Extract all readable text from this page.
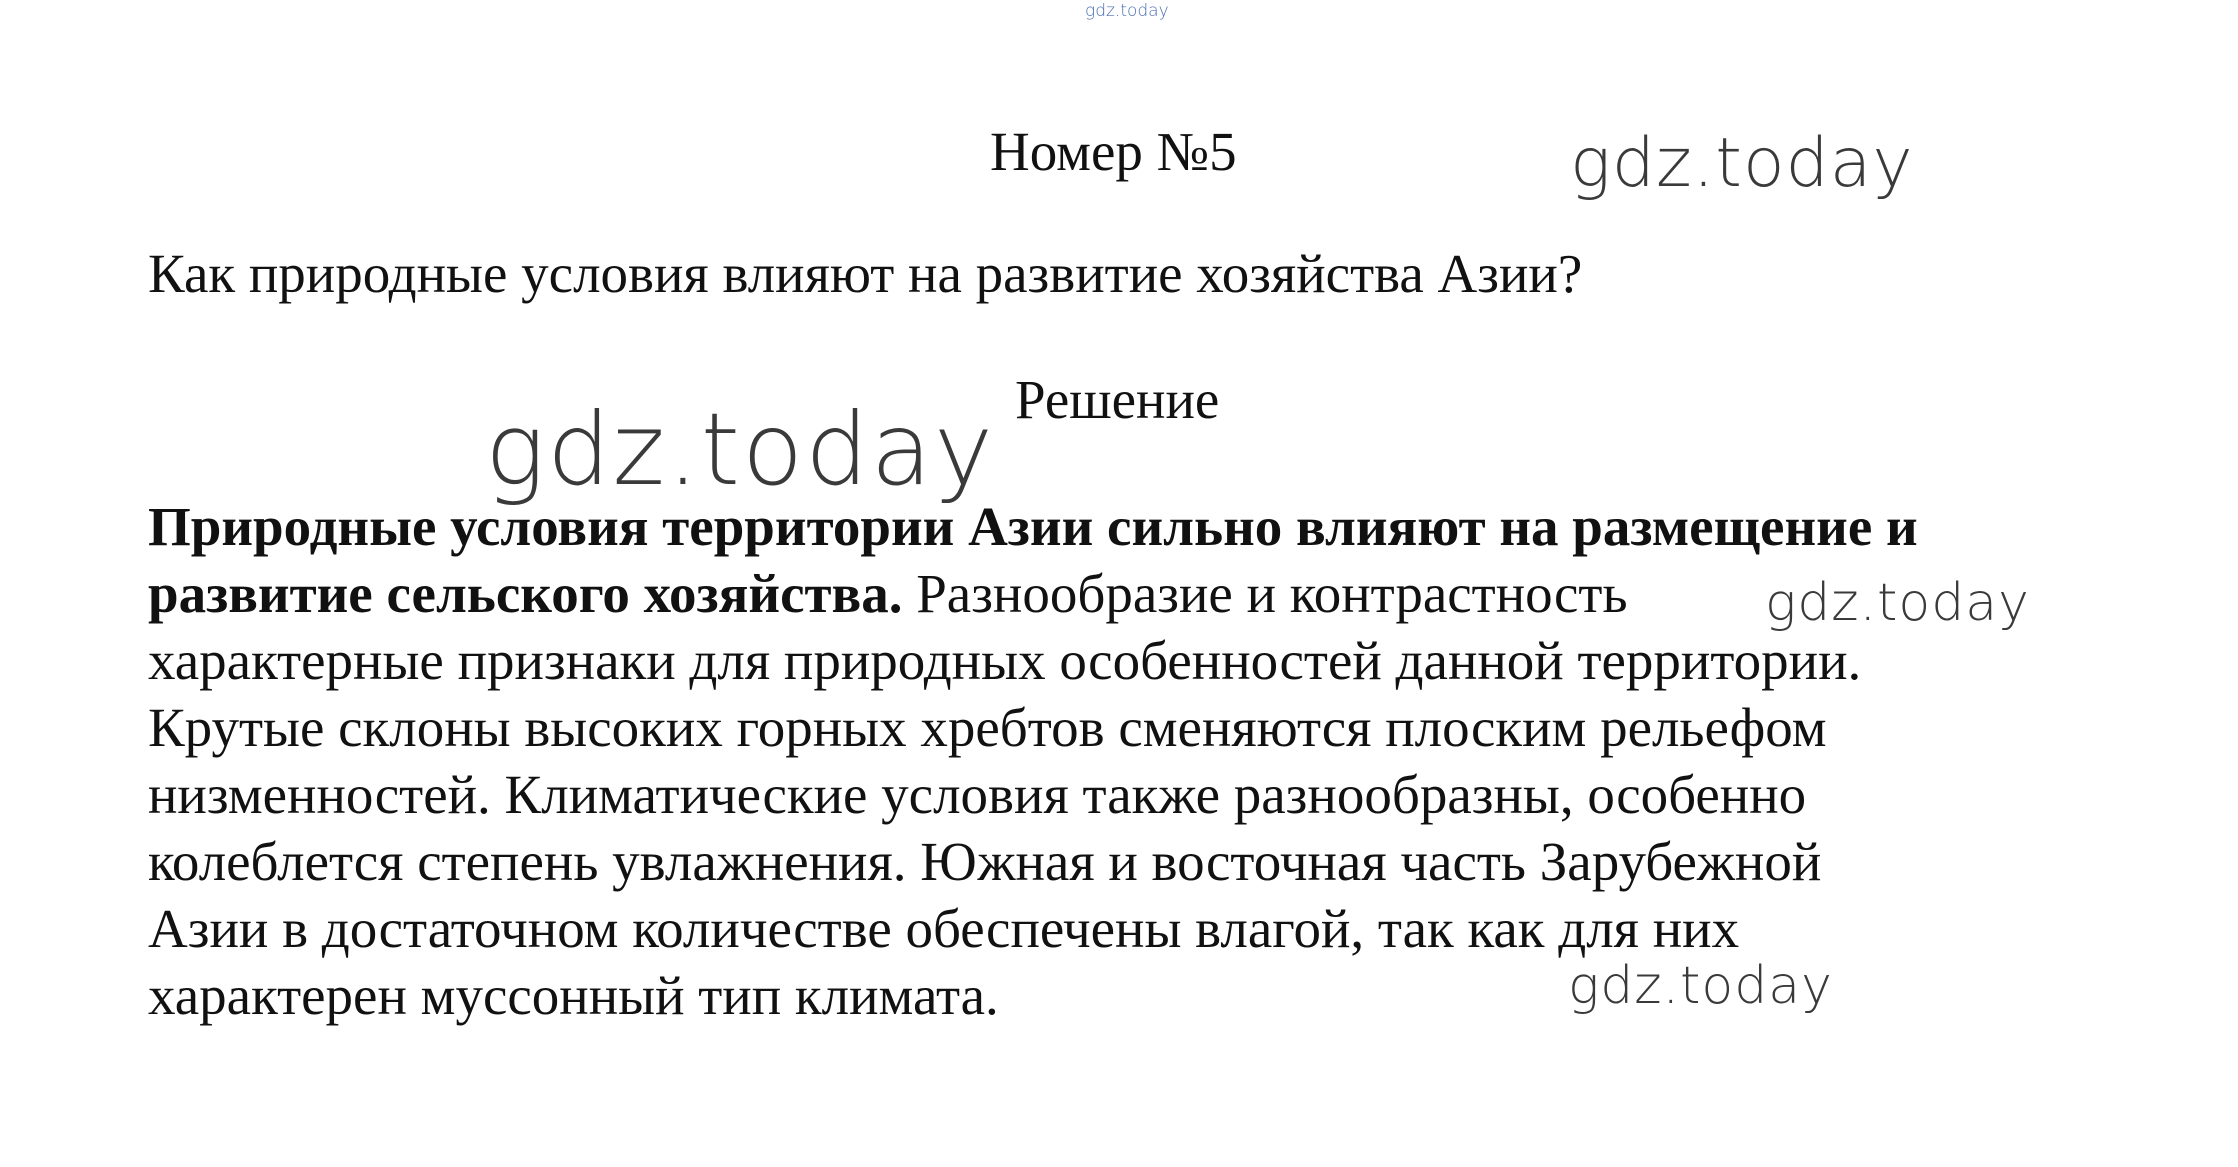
gdz.today
Номер №5	gdz.today
Как природные условия влияют на развитие хозяйства Азии?
Решение
gdz.today
Природные условия территории Азии сильно влияют на размещение и
развитие сельского хозяйства. Разнообразие и контрастность
характерные признаки для природных особенностей данной территории.
Крутые склоны высоких горных хребтов сменяются плоским рельефом
низменностей. Климатические условия также разнообразны, особенно
колеблется степень увлажнения. Южная и восточная часть Зарубежной
Азии в достаточном количестве обеспечены влагой, так как для них
характерен муссонный тип климата.
gdz.today
gdz.today
